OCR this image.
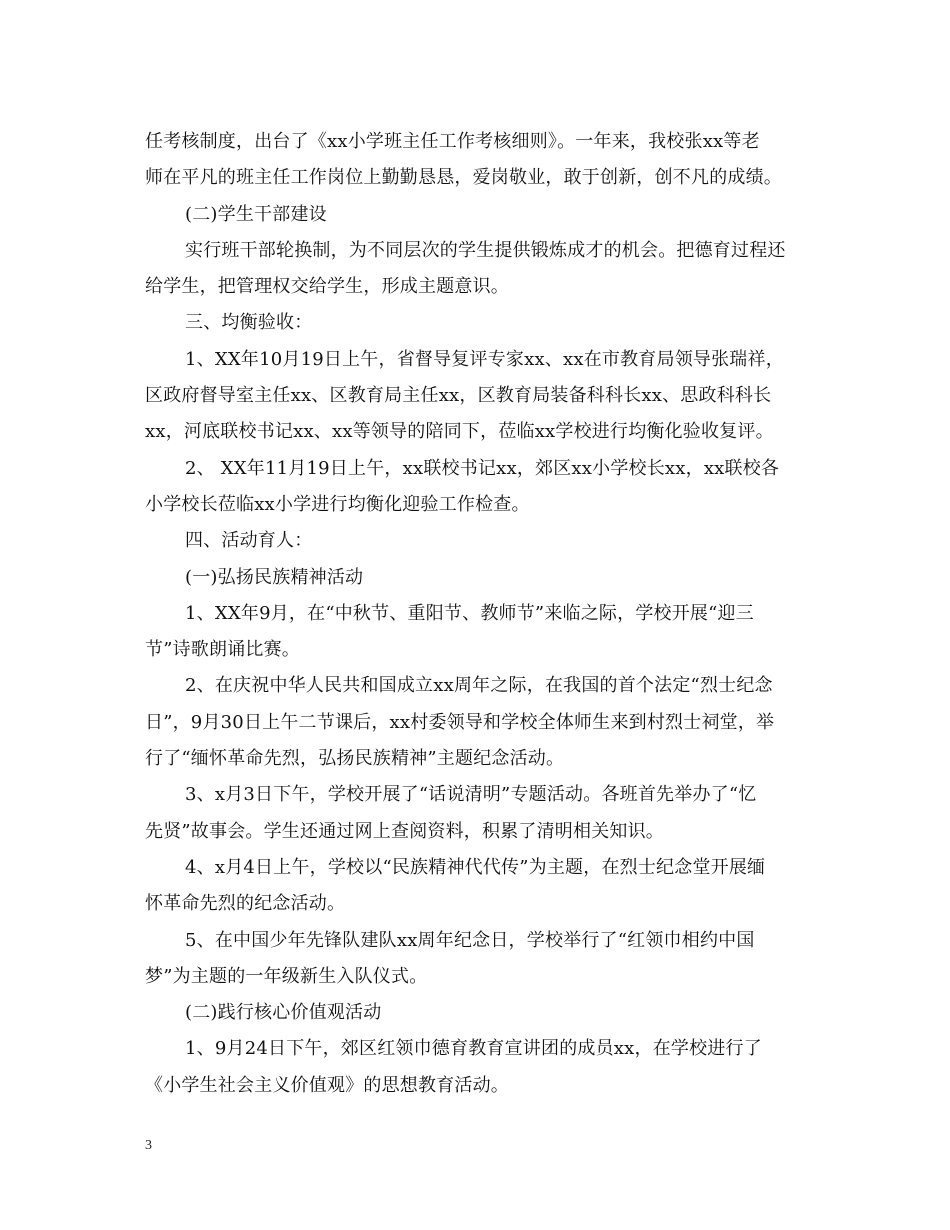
任考核制度，出台了《xx小学班主任工作考核细则》。一年来，我校张xx等老
师在平凡的班主任工作岗位上勤勤恳恳，爱岗敬业，敢于创新，创不凡的成绩。
(二)学生干部建设
实行班干部轮换制，为不同层次的学生提供锻炼成才的机会。把德育过程还
给学生，把管理权交给学生，形成主题意识。
三、均衡验收：
1、XX年10月19日上午，省督导复评专家xx、xx在市教育局领导张瑞祥，
区政府督导室主任xx、区教育局主任xx，区教育局装备科科长xx、思政科科长
xx，河底联校书记xx、xx等领导的陪同下，莅临xx学校进行均衡化验收复评。
2、 XX年11月19日上午，xx联校书记xx，郊区xx小学校长xx，xx联校各
小学校长莅临xx小学进行均衡化迎验工作检查。
四、活动育人：
(一)弘扬民族精神活动
1、XX年9月，在“中秋节、重阳节、教师节”来临之际，学校开展“迎三
节”诗歌朗诵比赛。
2、在庆祝中华人民共和国成立xx周年之际，在我国的首个法定“烈士纪念
日”，9月30日上午二节课后，xx村委领导和学校全体师生来到村烈士祠堂，举
行了“缅怀革命先烈，弘扬民族精神”主题纪念活动。
3、x月3日下午，学校开展了“话说清明”专题活动。各班首先举办了“忆
先贤”故事会。学生还通过网上查阅资料，积累了清明相关知识。
4、x月4日上午，学校以“民族精神代代传”为主题，在烈士纪念堂开展缅
怀革命先烈的纪念活动。
5、在中国少年先锋队建队xx周年纪念日，学校举行了“红领巾相约中国
梦”为主题的一年级新生入队仪式。
(二)践行核心价值观活动
1、9月24日下午，郊区红领巾德育教育宣讲团的成员xx，在学校进行了
《小学生社会主义价值观》的思想教育活动。
3
